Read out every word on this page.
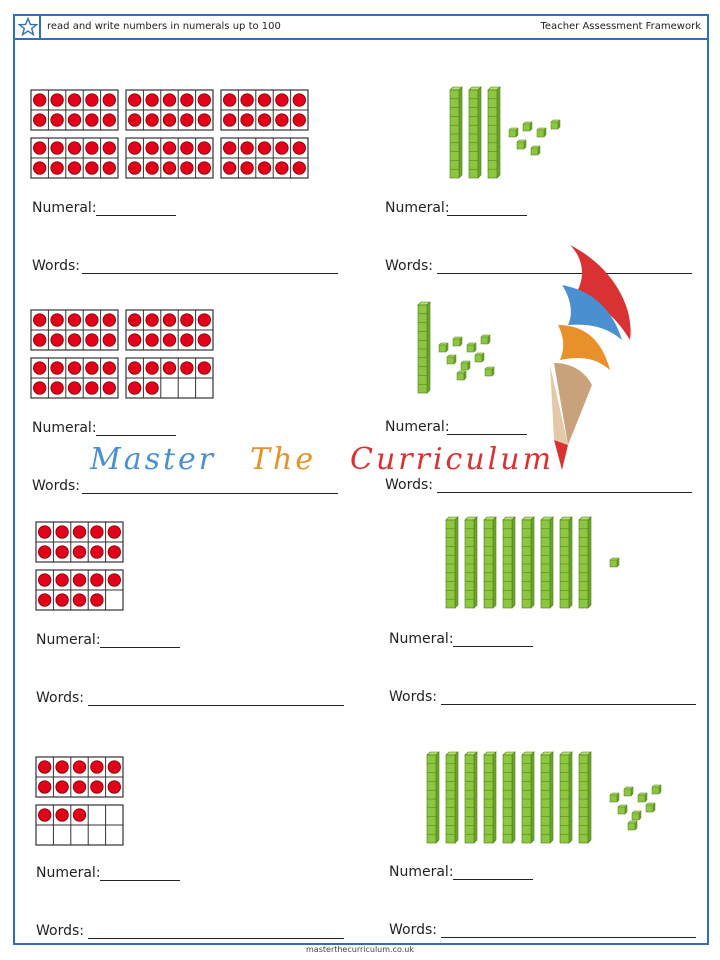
read and write numbers in numerals up to 100	Teacher Assessment Framework
Numeral:
Words:
Numeral:
Words:
Numeral:
Words:
Numeral:
Words:
Numeral:
Words:
Numeral:
Words:
Numeral:
Words:
Numeral:
Words:
Master The Curriculum
masterthecurriculum.co.uk
